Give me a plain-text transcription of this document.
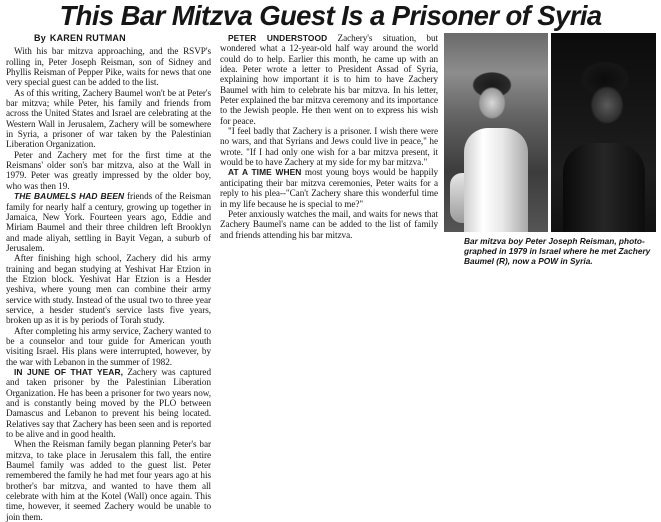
This Bar Mitzva Guest Is a Prisoner of Syria
By KAREN RUTMAN

With his bar mitzva approaching, and the RSVP's rolling in, Peter Joseph Reisman, son of Sidney and Phyllis Reisman of Pepper Pike, waits for news that one very special guest can be added to the list.

As of this writing, Zachery Baumel won't be at Peter's bar mitzva; while Peter, his family and friends from across the United States and Israel are celebrating at the Western Wall in Jerusalem, Zachery will be somewhere in Syria, a prisoner of war taken by the Palestinian Liberation Organization.

Peter and Zachery met for the first time at the Reismans' older son's bar mitzva, also at the Wall in 1979. Peter was greatly impressed by the older boy, who was then 19.

THE BAUMELS HAD BEEN friends of the Reisman family for nearly half a century, growing up together in Jamaica, New York. Fourteen years ago, Eddie and Miriam Baumel and their three children left Brooklyn and made aliyah, settling in Bayit Vegan, a suburb of Jerusalem.

After finishing high school, Zachery did his army training and began studying at Yeshivat Har Etzion in the Etzion block. Yeshivat Har Etzion is a Hesder yeshiva, where young men can combine their army service with study. Instead of the usual two to three year service, a hesder student's service lasts five years, broken up as it is by periods of Torah study.

After completing his army service, Zachery wanted to be a counselor and tour guide for American youth visiting Israel. His plans were interrupted, however, by the war with Lebanon in the summer of 1982.

IN JUNE OF THAT YEAR, Zachery was captured and taken prisoner by the Palestinian Liberation Organization. He has been a prisoner for two years now, and is constantly being moved by the PLO between Damascus and Lebanon to prevent his being located. Relatives say that Zachery has been seen and is reported to be alive and in good health.

When the Reisman family began planning Peter's bar mitzva, to take place in Jerusalem this fall, the entire Baumel family was added to the guest list. Peter remembered the family he had met four years ago at his brother's bar mitzva, and wanted to have them all celebrate with him at the Kotel (Wall) once again. This time, however, it seemed Zachery would be unable to join them.

PETER UNDERSTOOD Zachery's situation, but wondered what a 12-year-old half way around the world could do to help. Earlier this month, he came up with an idea. Peter wrote a letter to President Assad of Syria, explaining how important it is to him to have Zachery Baumel with him to celebrate his bar mitzva. In his letter, Peter explained the bar mitzva ceremony and its importance to the Jewish people. He then went on to express his wish for peace.

"I feel badly that Zachery is a prisoner. I wish there were no wars, and that Syrians and Jews could live in peace," he wrote. "If I had only one wish for a bar mitzva present, it would be to have Zachery at my side for my bar mitzva."

AT A TIME WHEN most young boys would be happily anticipating their bar mitzva ceremonies, Peter waits for a reply to his plea--"Can't Zachery share this wonderful time in my life because he is special to me?"

Peter anxiously watches the mail, and waits for news that Zachery Baumel's name can be added to the list of family and friends attending his bar mitzva.

Bar mitzva boy Peter Joseph Reisman, photo-
graphed in 1979 in Israel where he met Zachery
Baumel (R), now a POW in Syria.
